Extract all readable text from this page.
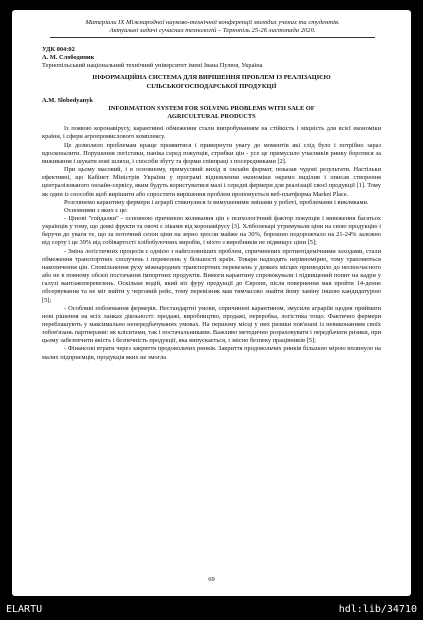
Матеріали IX Міжнародної науково-технічної конференції молодих учених та студентів.
Актуальні задачі сучасних технологій – Тернопіль 25-26 листопада 2020.
УДК 004:02
А. М. Слободяник
Тернопільський національний технічний університет імені Івана Пулюя, Україна
ІНФОРМАЦІЙНА СИСТЕМА ДЛЯ ВИРІШЕННЯ ПРОБЛЕМ ІЗ РЕАЛІЗАЦІЄЮ СІЛЬСЬКОГОСПОДАРСЬКОЇ ПРОДУКЦІЇ
A.M. Slobodyanyk
INFORMATION SYSTEM FOR SOLVING PROBLEMS WITH SALE OF AGRICULTURAL PRODUCTS
Із появою коронавірусу, карантинні обмеження стали випробуванням на стійкість і міцність для всієї економіки країни, і сфери агропромислового комплексу.
Це дозволило проблемам краще проявитися і привернути увагу до моментів які слід було і потрібно зараз вдосконалити. Порушення логістики, паніка серед покупців, стрибки цін - усе це примусило учасників ринку боротися за виживання і шукати нові шляхи, і способи збуту та форми співпраці з посередниками [2].
При цьому масовий, і в основному, примусовий вихід в онлайн формат, показав чудові результати. Настільки ефективні, що Кабінет Міністрів України у програмі відновлення економіки окремо виділив і описав створення централізованого онлайн-сервісу, яким будуть користуватися малі і середні фермери для реалізації своєї продукції [1]. Тому як один із способів щоб вирішити або спростити вирішення проблем пропонується веб-платформа Market Place.
Розглянемо карантину фермери і аграрії стикнулися із вимушеними змінами у роботі, проблемами і викликами.
Основними з яких є це:
- Цінові "гойдалки" - основною причиною коливання цін є психологічний фактор покупців і вивеження багатьох українців у тому, що деякі фрукти та овочі є ліками від коронавірусу [3]. Хлібопекарі утримували ціни на свою продукцію і беручи до уваги те, що за поточний сезон ціни на зерно зросли майже на 30%, борошно подорожчало на 21-24% залежно від сорту і це 39% від собівартості хлібобулочних виробів, і ніхто з виробників не підвищує ціни [5];
- Зміна логістичних процесів є однією з найголовніших проблем, спричинених протиепідемічними заходами, стали обмеження транспортних сполучень і перевезень у більшості країн. Товари надходять нерівномірно, тому трапляються накопичення цін. Сповільнення руху міжнародних транспортних перевезень у деяких місцях призводило до несвоєчасного або не в повному обсязі постачання імпортних продуктів. Вимоги карантину спровокували і підвищений попит на кадри у галузі вантажоперевезень. Оскільки водій, який віз фуру продукції до Європи, після повернення мав пройти 14-денне обсервування та не міг вийти у черговий рейс, тому перевізник мав тимчасово знайти йому заміну іншою кандидатурою [5];
- Особливі побоювання фермерів. Нестандартні умови, спричинені карантином, змусили аграріїв щодня приймати нові рішення на всіх ланках діяльності: продажі, виробництво, продажі, переробка, логістика тощо. Фактично фермери переблашують у максимально непередбачуваних умовах. На першому місці у них ризики пов'язані із невиконанням своїх зобов'язань партнерами: як клієнтами, так і постачальниками. Важливо методично розраховувати і передбачати ризики, при цьому забезпечити якість і безпечність продукції, яка випускається, і звісно безпеку працівників [5];
- Фінансові втрати через закриття продовольчих ринків. Закриття продовольчих ринків більшою мірою вплинуло на малих підприємців, продукція яких не змогла
69
ELARTU	hdl:lib/34710
